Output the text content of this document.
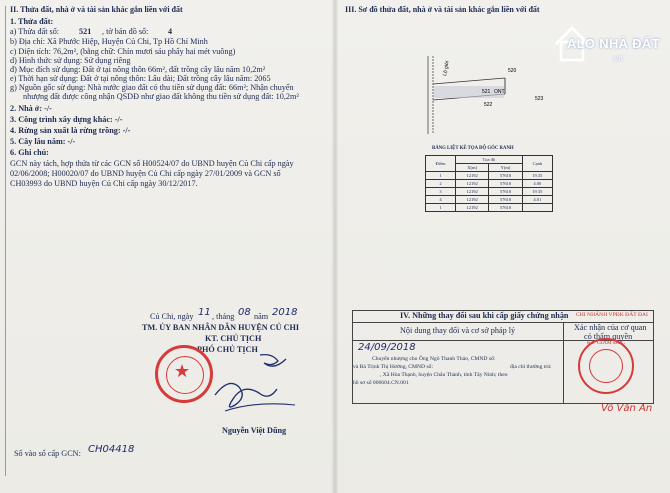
II. Thửa đất, nhà ở và tài sản khác gắn liền với đất
1. Thửa đất:
a) Thửa đất số: 521 , tờ bản đồ số: 4
b) Địa chỉ: Xã Phước Hiệp, Huyện Củ Chi, Tp Hồ Chí Minh
c) Diện tích: 76,2m², (bằng chữ: Chín mươi sáu phẩy hai mét vuông)
d) Hình thức sử dụng: Sử dụng riêng
đ) Mục đích sử dụng: Đất ở tại nông thôn 66m², đất trồng cây lâu năm 10,2m²
e) Thời hạn sử dụng: Đất ở tại nông thôn: Lâu dài; Đất trồng cây lâu năm: 2065
g) Nguồn gốc sử dụng: Nhà nước giao đất có thu tiền sử dụng đất: 66m²; Nhận chuyển
nhượng đất được công nhận QSDĐ như giao đất không thu tiền sử dụng đất: 10,2m²
2. Nhà ở: -/-
3. Công trình xây dựng khác: -/-
4. Rừng sản xuất là rừng trồng: -/-
5. Cây lâu năm: -/-
6. Ghi chú:
GCN này tách, hợp thửa từ các GCN số H00524/07 do UBND huyện Củ Chi cấp ngày
02/06/2008; H00020/07 do UBND huyện Củ Chi cấp ngày 27/01/2009 và GCN số
CH03993 do UBND huyện Củ Chi cấp ngày 30/12/2017.
Củ Chi, ngày 11 , tháng 08 năm 2018
TM. ỦY BAN NHÂN DÂN HUYỆN CỦ CHI
KT. CHỦ TỊCH
PHÓ CHỦ TỊCH
★
Nguyễn Việt Dũng
Số vào sổ cấp GCN: CH04418
III. Sơ đồ thửa đất, nhà ở và tài sản khác gắn liền với đất
ALO NHÀ ĐẤT
.vn
Lộ giới	520
521 ONT
522
523
BẢNG LIỆT KÊ TỌA ĐỘ GÓC RANH
Điểm	Tọa độ		Cạnh
	X(m)	Y(m)	
1	12192	57610	19.35
2	12192	57610	4.00
3	12192	57610	19.35
4	12192	57610	4.01
1	12192	57610	
IV. Những thay đổi sau khi cấp giấy chứng nhận
Nội dung thay đổi và cơ sở pháp lý	Xác nhận của cơ quan
có thẩm quyền
24/09/2018
Chuyển nhượng cho Ông Ngô Thanh Thảo, CMND số:
và Bà Trịnh Thị Hường, CMND số:	địa chỉ thường trú:
, Xã Hòa Thạnh, huyện Châu Thành, tỉnh Tây Ninh; theo
hồ sơ số 006604.CN.001
CHI NHÁNH VPĐK ĐẤT ĐAI
KT. GIÁM ĐỐC
Võ Văn An
